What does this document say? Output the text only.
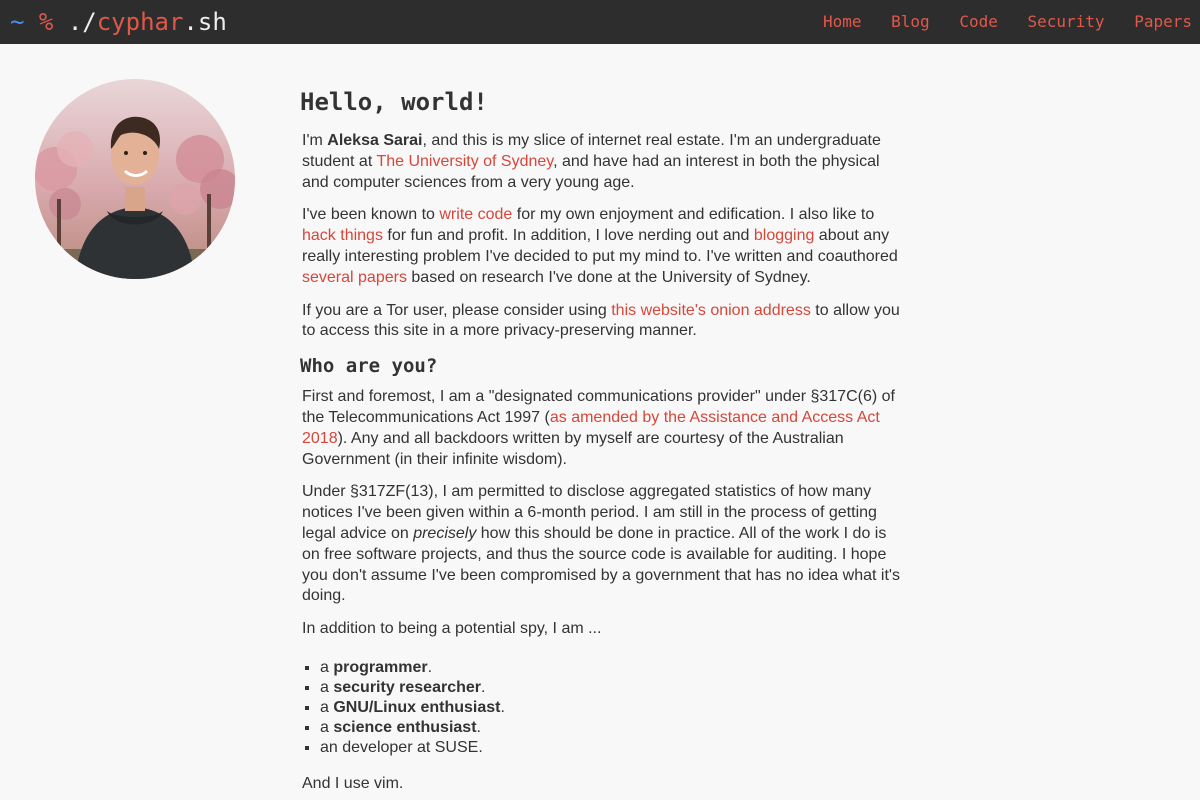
~ % ./cyphar.sh	Home Blog Code Security Papers
Hello, world!

I'm Aleksa Sarai, and this is my slice of internet real estate. I'm an undergraduate student at The University of Sydney, and have had an interest in both the physical and computer sciences from a very young age.

I've been known to write code for my own enjoyment and edification. I also like to hack things for fun and profit. In addition, I love nerding out and blogging about any really interesting problem I've decided to put my mind to. I've written and coauthored several papers based on research I've done at the University of Sydney.

If you are a Tor user, please consider using this website's onion address to allow you to access this site in a more privacy-preserving manner.

Who are you?

First and foremost, I am a "designated communications provider" under §317C(6) of the Telecommunications Act 1997 (as amended by the Assistance and Access Act 2018). Any and all backdoors written by myself are courtesy of the Australian Government (in their infinite wisdom).

Under §317ZF(13), I am permitted to disclose aggregated statistics of how many notices I've been given within a 6-month period. I am still in the process of getting legal advice on precisely how this should be done in practice. All of the work I do is on free software projects, and thus the source code is available for auditing. I hope you don't assume I've been compromised by a government that has no idea what it's doing.

In addition to being a potential spy, I am ...

▪ a programmer.
▪ a security researcher.
▪ a GNU/Linux enthusiast.
▪ a science enthusiast.
▪ an developer at SUSE.

And I use vim.
